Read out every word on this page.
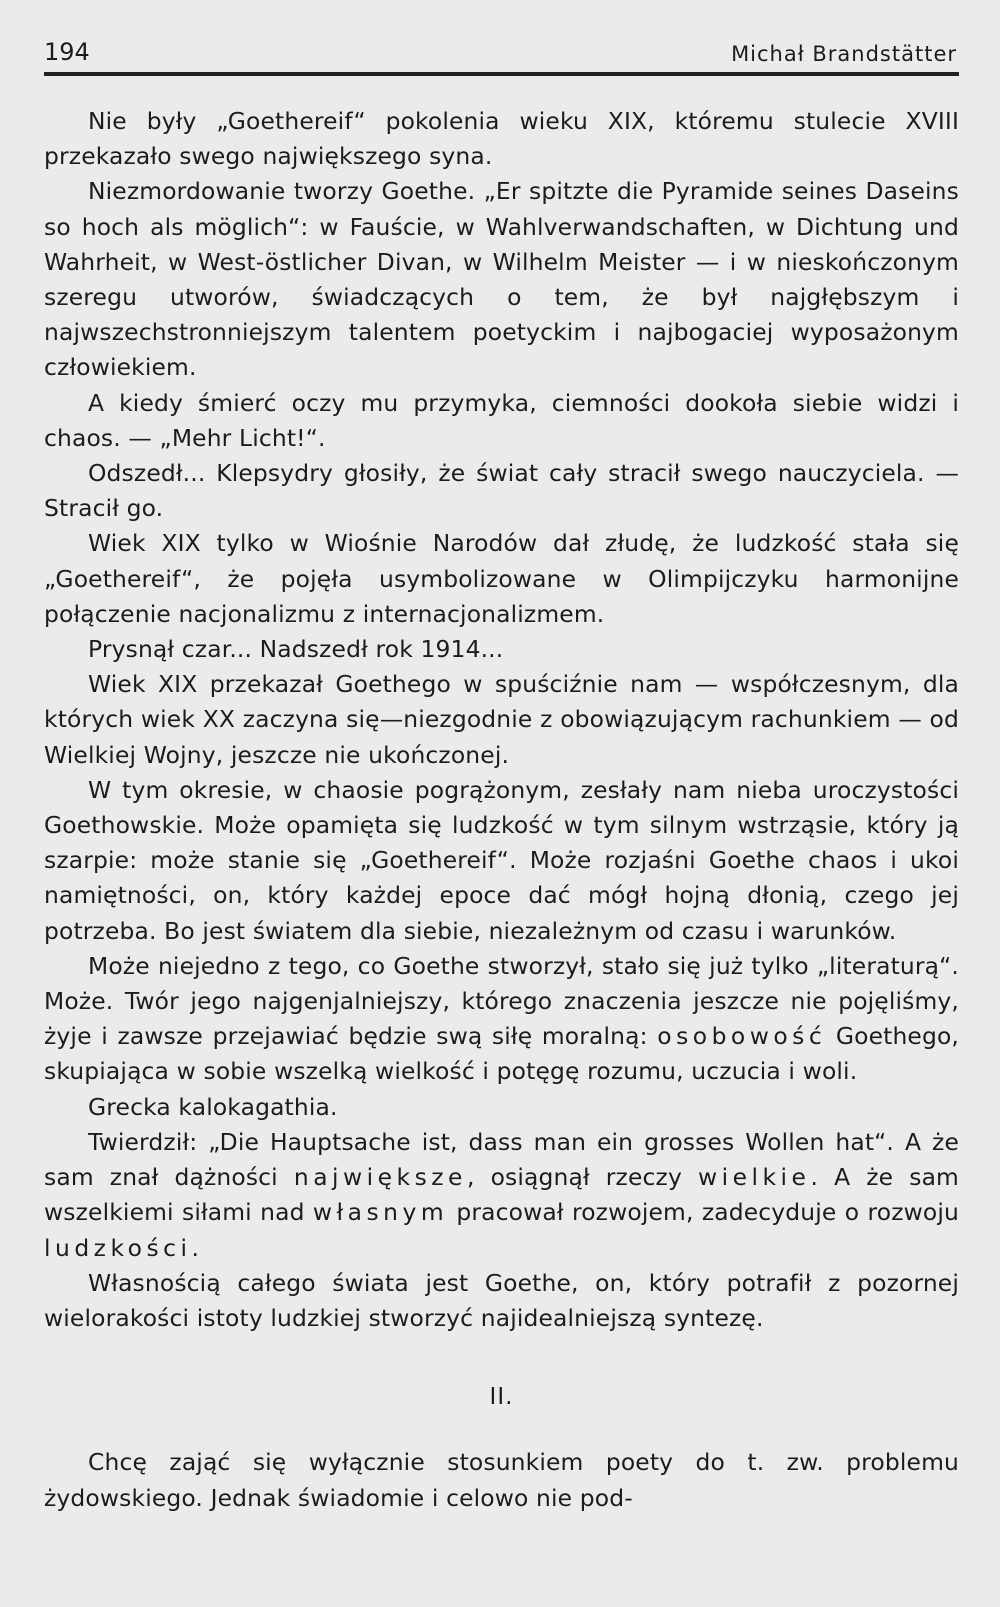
194	Michał Brandstätter

Nie były „Goethereif“ pokolenia wieku XIX, któremu stulecie XVIII przekazało swego największego syna.

Niezmordowanie tworzy Goethe. „Er spitzte die Pyramide seines Daseins so hoch als möglich“: w Fauście, w Wahlverwandschaften, w Dichtung und Wahrheit, w West-östlicher Divan, w Wilhelm Meister — i w nieskończonym szeregu utworów, świadczących o tem, że był najgłębszym i najwszechstronniejszym talentem poetyckim i najbogaciej wyposażonym człowiekiem.

A kiedy śmierć oczy mu przymyka, ciemności dookoła siebie widzi i chaos. — „Mehr Licht!“.

Odszedł... Klepsydry głosiły, że świat cały stracił swego nauczyciela. — Stracił go.

Wiek XIX tylko w Wiośnie Narodów dał złudę, że ludzkość stała się „Goethereif“, że pojęła usymbolizowane w Olimpijczyku harmonijne połączenie nacjonalizmu z internacjonalizmem.

Prysnął czar... Nadszedł rok 1914...

Wiek XIX przekazał Goethego w spuściźnie nam — współczesnym, dla których wiek XX zaczyna się—niezgodnie z obowiązującym rachunkiem — od Wielkiej Wojny, jeszcze nie ukończonej.

W tym okresie, w chaosie pogrążonym, zesłały nam nieba uroczystości Goethowskie. Może opamięta się ludzkość w tym silnym wstrząsie, który ją szarpie: może stanie się „Goethereif“. Może rozjaśni Goethe chaos i ukoi namiętności, on, który każdej epoce dać mógł hojną dłonią, czego jej potrzeba. Bo jest światem dla siebie, niezależnym od czasu i warunków.

Może niejedno z tego, co Goethe stworzył, stało się już tylko „literaturą“. Może. Twór jego najgenjalniejszy, którego znaczenia jeszcze nie pojęliśmy, żyje i zawsze przejawiać będzie swą siłę moralną: osobowość Goethego, skupiająca w sobie wszelką wielkość i potęgę rozumu, uczucia i woli.

Grecka kalokagathia.

Twierdził: „Die Hauptsache ist, dass man ein grosses Wollen hat“. A że sam znał dążności największe, osiągnął rzeczy wielkie. A że sam wszelkiemi siłami nad własnym pracował rozwojem, zadecyduje o rozwoju ludzkości.

Własnością całego świata jest Goethe, on, który potrafił z pozornej wielorakości istoty ludzkiej stworzyć najidealniejszą syntezę.

II.

Chcę zająć się wyłącznie stosunkiem poety do t. zw. problemu żydowskiego. Jednak świadomie i celowo nie pod-
